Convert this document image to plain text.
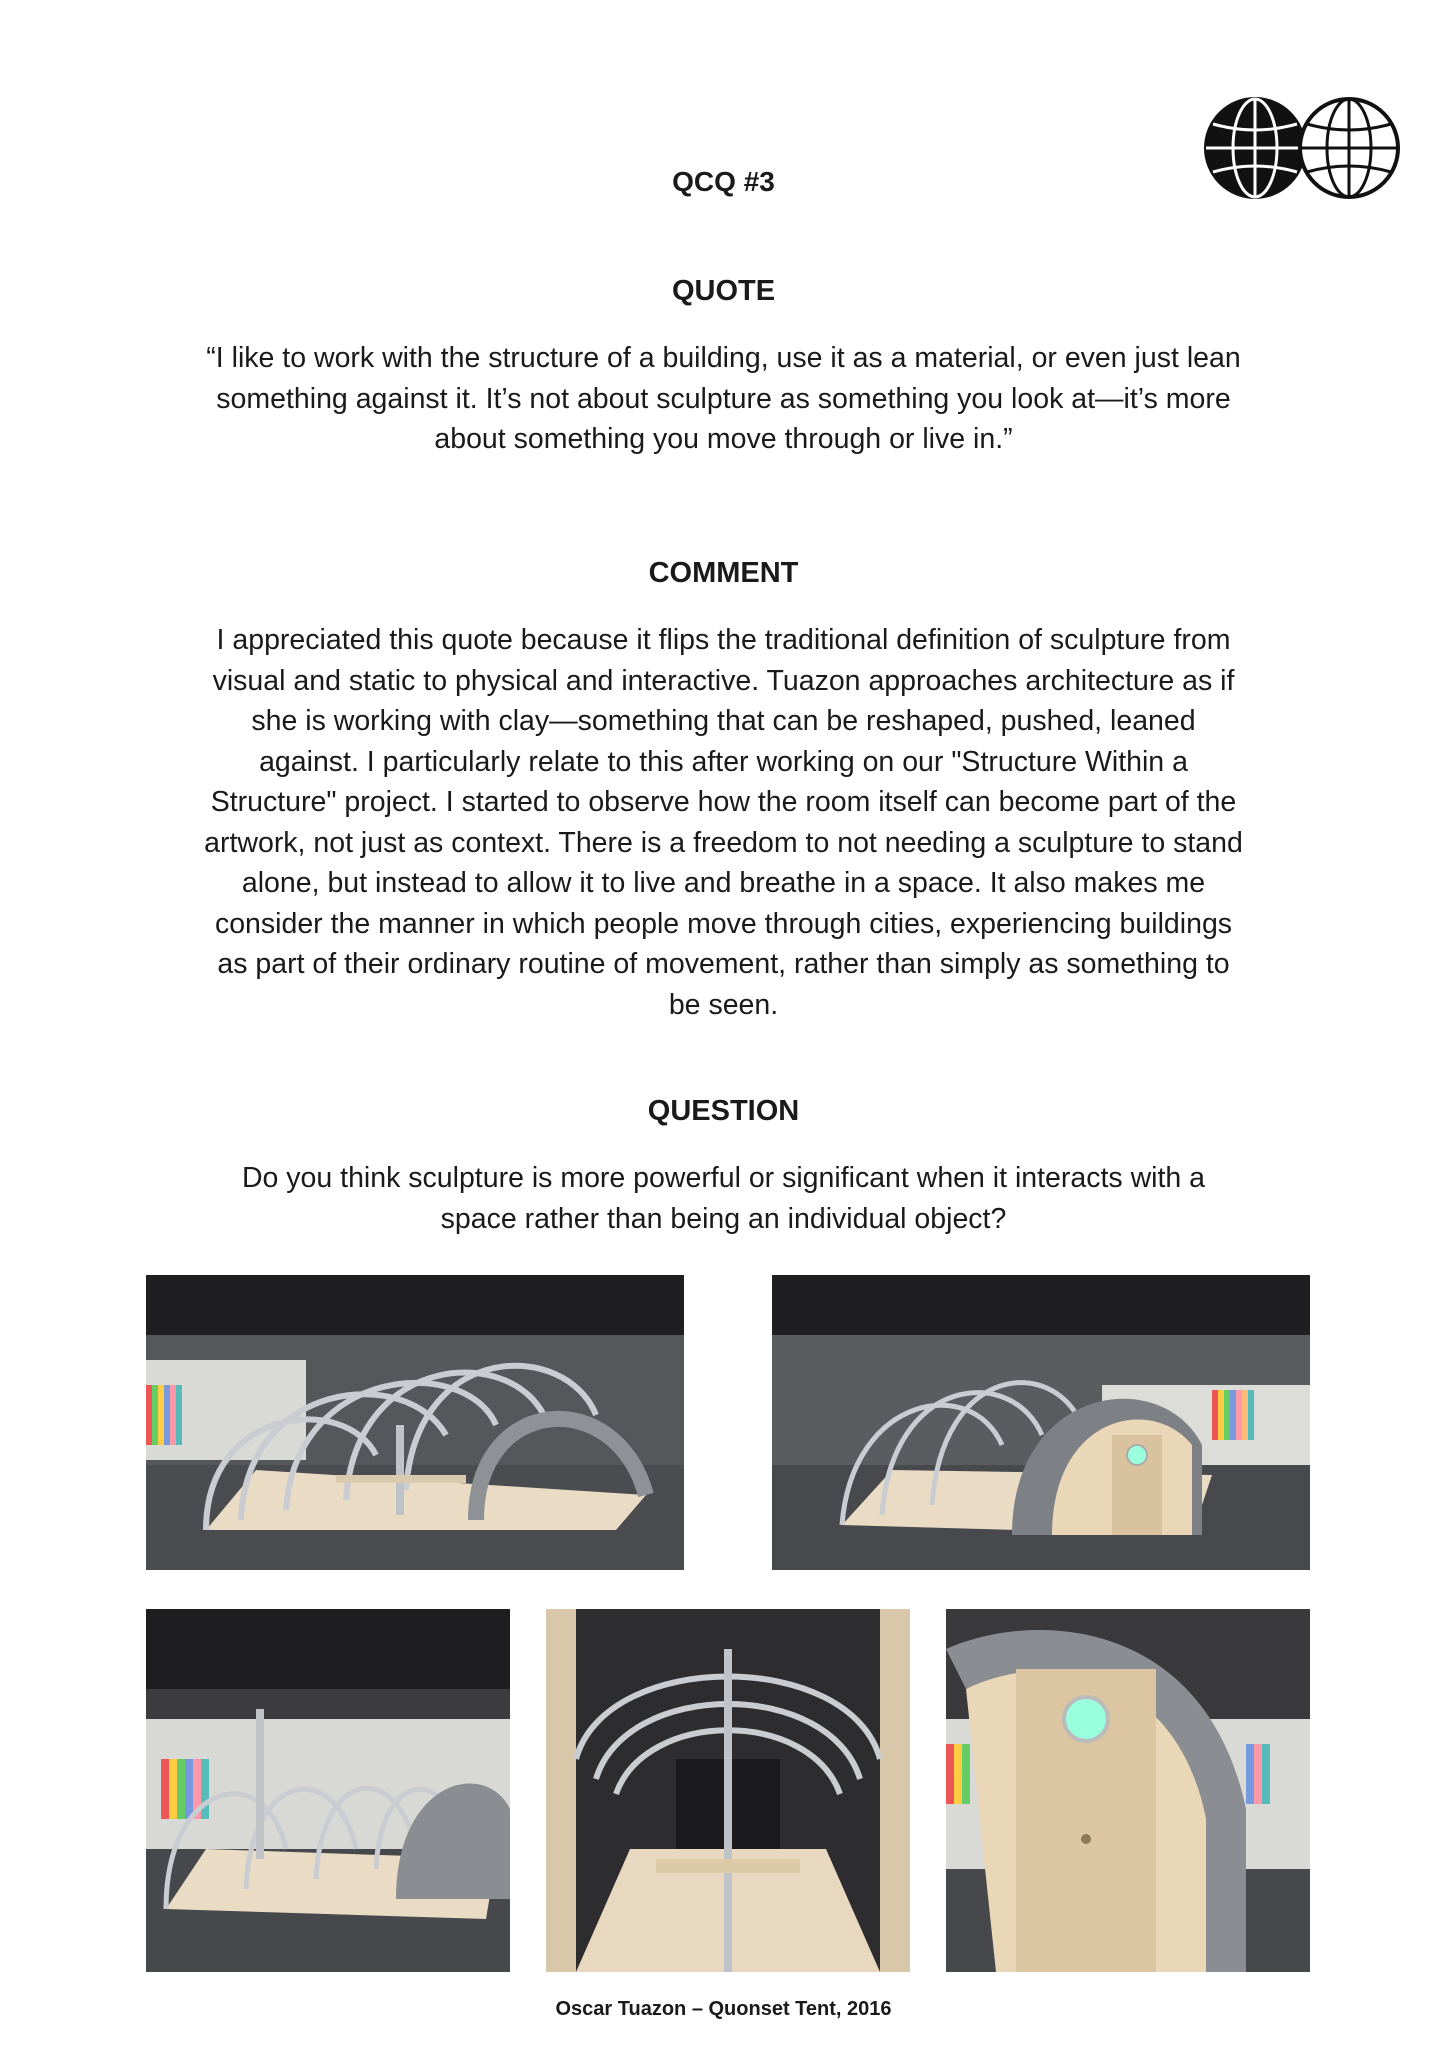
QCQ #3
QUOTE
“I like to work with the structure of a building, use it as a material, or even just lean something against it. It’s not about sculpture as something you look at—it’s more about something you move through or live in.”
COMMENT
I appreciated this quote because it flips the traditional definition of sculpture from visual and static to physical and interactive. Tuazon approaches architecture as if she is working with clay—something that can be reshaped, pushed, leaned against. I particularly relate to this after working on our "Structure Within a Structure" project. I started to observe how the room itself can become part of the artwork, not just as context. There is a freedom to not needing a sculpture to stand alone, but instead to allow it to live and breathe in a space. It also makes me consider the manner in which people move through cities, experiencing buildings as part of their ordinary routine of movement, rather than simply as something to be seen.
QUESTION
Do you think sculpture is more powerful or significant when it interacts with a space rather than being an individual object?
Oscar Tuazon – Quonset Tent, 2016
